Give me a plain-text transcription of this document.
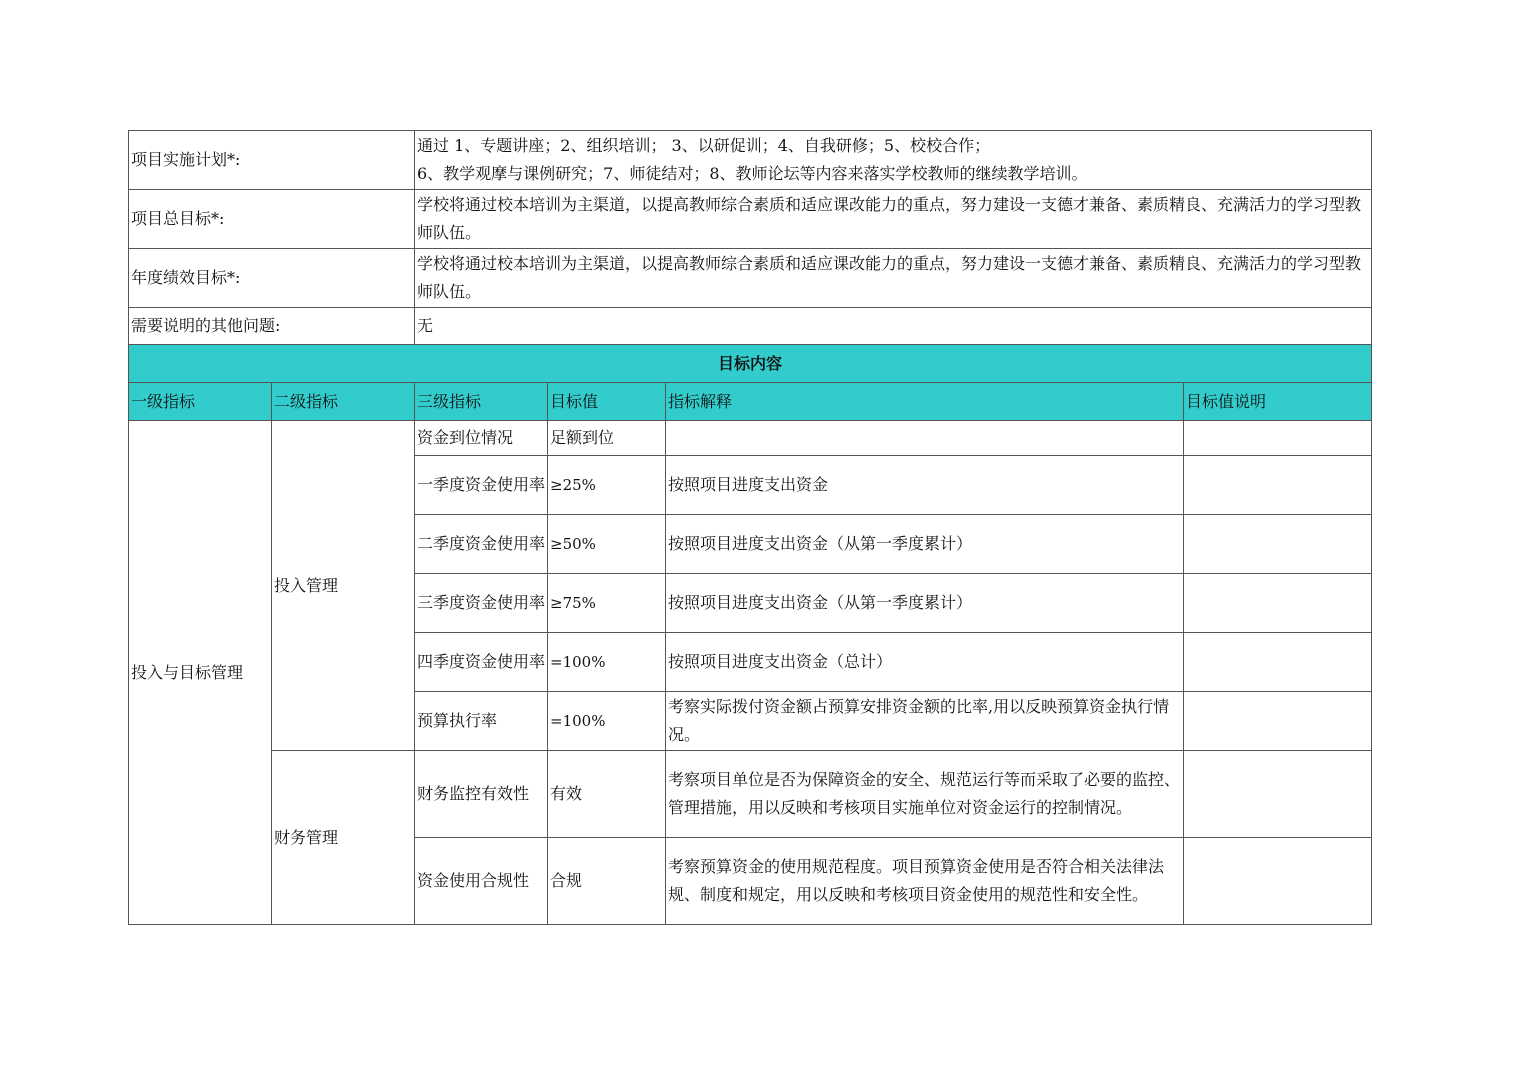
项目实施计划*:		通过 1、专题讲座；2、组织培训； 3、以研促训；4、自我研修；5、校校合作；
6、教学观摩与课例研究；7、师徒结对；8、教师论坛等内容来落实学校教师的继续教学培训。			

项目总目标*:		学校将通过校本培训为主渠道，以提高教师综合素质和适应课改能力的重点，努力建设一支德才兼备、素质精良、充满活力的学习型教师队伍。			
年度绩效目标*:		学校将通过校本培训为主渠道，以提高教师综合素质和适应课改能力的重点，努力建设一支德才兼备、素质精良、充满活力的学习型教师队伍。			
需要说明的其他问题:		无			
目标内容					
一级指标	二级指标	三级指标	目标值	指标解释	目标值说明
投入与目标管理	投入管理	资金到位情况	足额到位		
		一季度资金使用率	≥25%	按照项目进度支出资金	
		二季度资金使用率	≥50%	按照项目进度支出资金（从第一季度累计）	
		三季度资金使用率	≥75%	按照项目进度支出资金（从第一季度累计）	
		四季度资金使用率	=100%	按照项目进度支出资金（总计）	
		预算执行率	=100%	考察实际拨付资金额占预算安排资金额的比率,用以反映预算资金执行情况。	
	财务管理	财务监控有效性	有效	考察项目单位是否为保障资金的安全、规范运行等而采取了必要的监控、管理措施，用以反映和考核项目实施单位对资金运行的控制情况。	
		资金使用合规性	合规	考察预算资金的使用规范程度。项目预算资金使用是否符合相关法律法规、制度和规定，用以反映和考核项目资金使用的规范性和安全性。	
